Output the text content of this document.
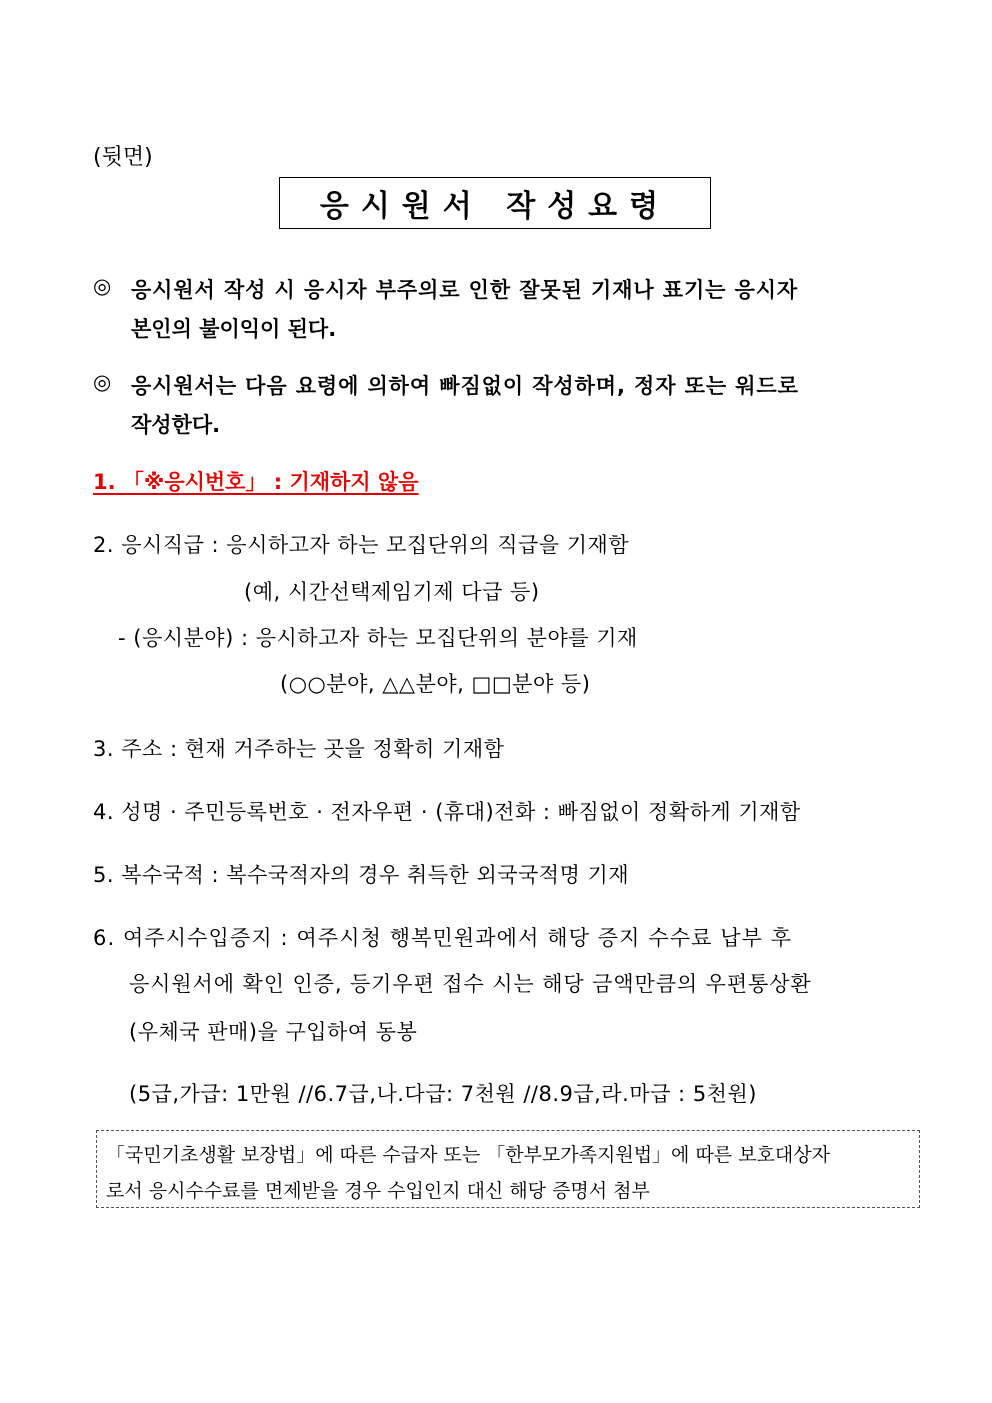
(뒷면)
응시원서 작성요령
◎ 응시원서 작성 시 응시자 부주의로 인한 잘못된 기재나 표기는 응시자
본인의 불이익이 된다.
◎ 응시원서는 다음 요령에 의하여 빠짐없이 작성하며, 정자 또는 워드로
작성한다.
1. 「※응시번호」 : 기재하지 않음
2. 응시직급 : 응시하고자 하는 모집단위의 직급을 기재함
(예, 시간선택제임기제 다급 등)
- (응시분야) : 응시하고자 하는 모집단위의 분야를 기재
(○○분야, △△분야, □□분야 등)
3. 주소 : 현재 거주하는 곳을 정확히 기재함
4. 성명 · 주민등록번호 · 전자우편 · (휴대)전화 : 빠짐없이 정확하게 기재함
5. 복수국적 : 복수국적자의 경우 취득한 외국국적명 기재
6. 여주시수입증지 : 여주시청 행복민원과에서 해당 증지 수수료 납부 후
응시원서에 확인 인증, 등기우편 접수 시는 해당 금액만큼의 우편통상환
(우체국 판매)을 구입하여 동봉
(5급,가급: 1만원 //6.7급,나.다급: 7천원 //8.9급,라.마급 : 5천원)
「국민기초생활 보장법」에 따른 수급자 또는 「한부모가족지원법」에 따른 보호대상자
로서 응시수수료를 면제받을 경우 수입인지 대신 해당 증명서 첨부
